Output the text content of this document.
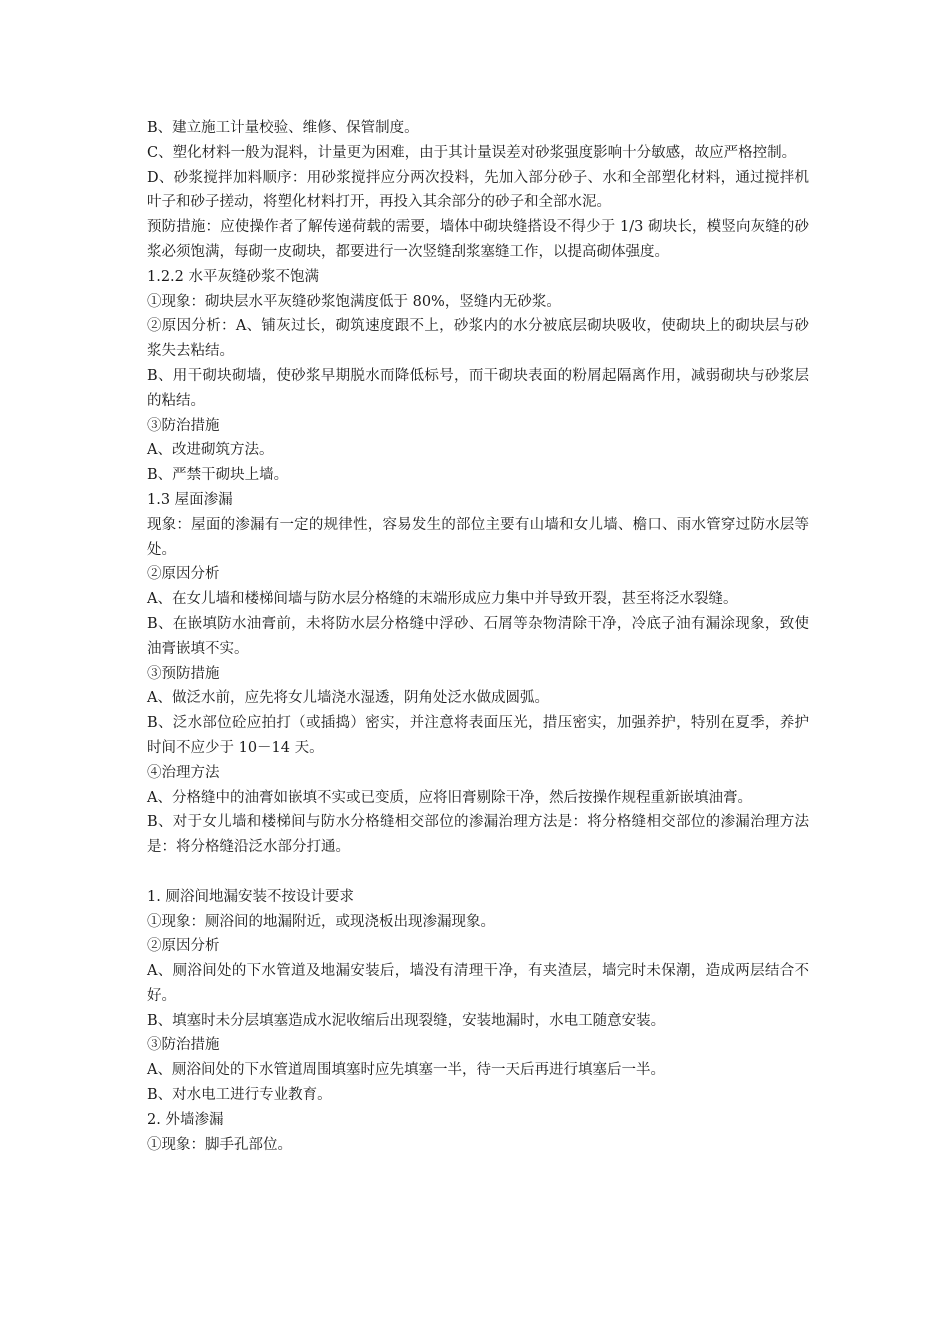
B、建立施工计量校验、维修、保管制度。

C、塑化材料一般为混料，计量更为困难，由于其计量误差对砂浆强度影响十分敏感，故应严格控制。

D、砂浆搅拌加料顺序：用砂浆搅拌应分两次投料，先加入部分砂子、水和全部塑化材料，通过搅拌机叶子和砂子搓动，将塑化材料打开，再投入其余部分的砂子和全部水泥。

预防措施：应使操作者了解传递荷载的需要，墙体中砌块缝搭设不得少于 1/3 砌块长，模竖向灰缝的砂浆必须饱满，每砌一皮砌块，都要进行一次竖缝刮浆塞缝工作，以提高砌体强度。

1.2.2 水平灰缝砂浆不饱满

①现象：砌块层水平灰缝砂浆饱满度低于 80%，竖缝内无砂浆。

②原因分析：A、铺灰过长，砌筑速度跟不上，砂浆内的水分被底层砌块吸收，使砌块上的砌块层与砂浆失去粘结。

B、用干砌块砌墙，使砂浆早期脱水而降低标号，而干砌块表面的粉屑起隔离作用，减弱砌块与砂浆层的粘结。

③防治措施

A、改进砌筑方法。

B、严禁干砌块上墙。

1.3 屋面渗漏

现象：屋面的渗漏有一定的规律性，容易发生的部位主要有山墙和女儿墙、檐口、雨水管穿过防水层等处。

②原因分析

A、在女儿墙和楼梯间墙与防水层分格缝的末端形成应力集中并导致开裂，甚至将泛水裂缝。

B、在嵌填防水油膏前，未将防水层分格缝中浮砂、石屑等杂物清除干净，冷底子油有漏涂现象，致使油膏嵌填不实。

③预防措施

A、做泛水前，应先将女儿墙浇水湿透，阴角处泛水做成圆弧。

B、泛水部位砼应拍打（或插捣）密实，并注意将表面压光，措压密实，加强养护，特别在夏季，养护时间不应少于 10－14 天。

④治理方法

A、分格缝中的油膏如嵌填不实或已变质，应将旧膏剔除干净，然后按操作规程重新嵌填油膏。

B、对于女儿墙和楼梯间与防水分格缝相交部位的渗漏治理方法是：将分格缝相交部位的渗漏治理方法是：将分格缝沿泛水部分打通。

1. 厕浴间地漏安装不按设计要求

①现象：厕浴间的地漏附近，或现浇板出现渗漏现象。

②原因分析

A、厕浴间处的下水管道及地漏安装后，墙没有清理干净，有夹渣层，墙完时未保潮，造成两层结合不好。

B、填塞时未分层填塞造成水泥收缩后出现裂缝，安装地漏时，水电工随意安装。

③防治措施

A、厕浴间处的下水管道周围填塞时应先填塞一半，待一天后再进行填塞后一半。

B、对水电工进行专业教育。

2. 外墙渗漏

①现象：脚手孔部位。
